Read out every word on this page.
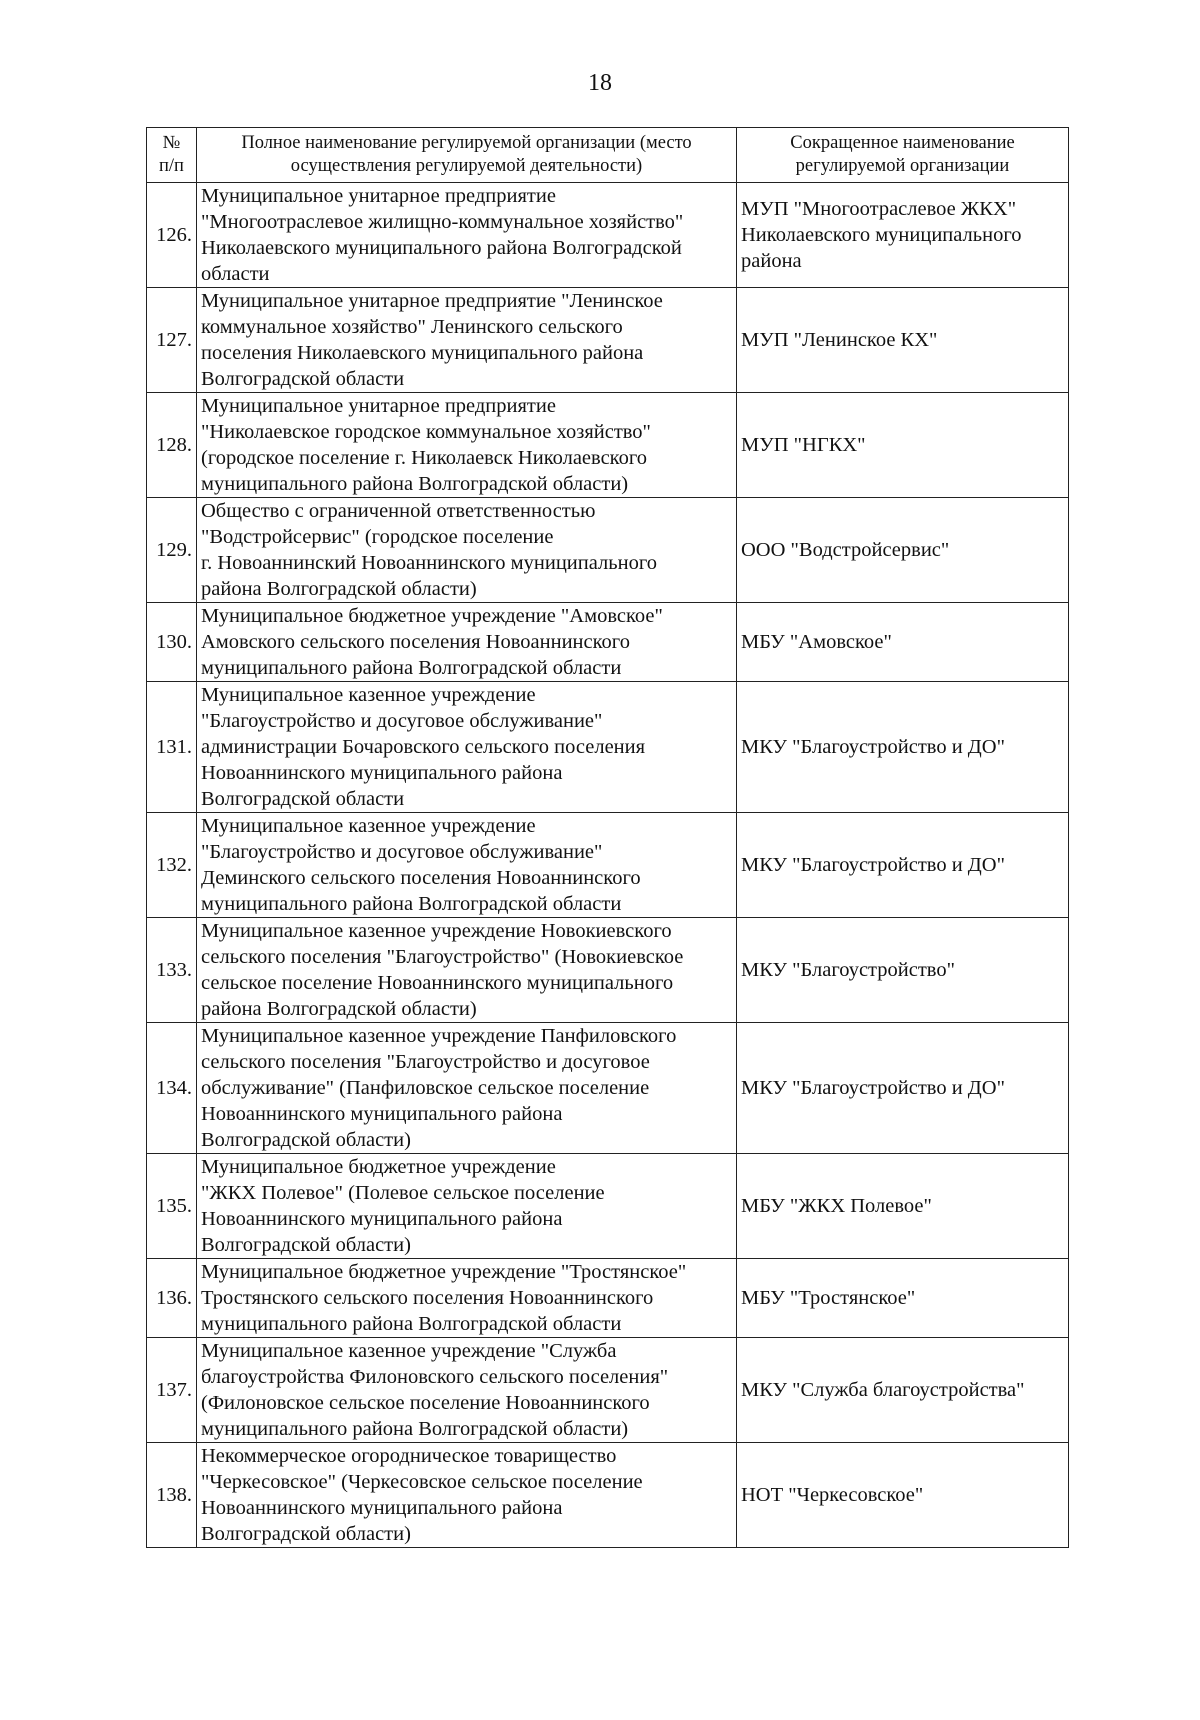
18
№
п/п	Полное наименование регулируемой организации (место
осуществления регулируемой деятельности)	Сокращенное наименование
регулируемой организации

126.	Муниципальное унитарное предприятие
"Многоотраслевое жилищно-коммунальное хозяйство"
Николаевского муниципального района Волгоградской
области	МУП "Многоотраслевое ЖКХ"
Николаевского муниципального
района

127.	Муниципальное унитарное предприятие "Ленинское
коммунальное хозяйство" Ленинского сельского
поселения Николаевского муниципального района
Волгоградской области	МУП "Ленинское КХ"

128.	Муниципальное унитарное предприятие
"Николаевское городское коммунальное хозяйство"
(городское поселение г. Николаевск Николаевского
муниципального района Волгоградской области)	МУП "НГКХ"

129.	Общество с ограниченной ответственностью
"Водстройсервис" (городское поселение
г. Новоаннинский Новоаннинского муниципального
района Волгоградской области)	ООО "Водстройсервис"

130.	Муниципальное бюджетное учреждение "Амовское"
Амовского сельского поселения Новоаннинского
муниципального района Волгоградской области	МБУ "Амовское"

131.	Муниципальное казенное учреждение
"Благоустройство и досуговое обслуживание"
администрации Бочаровского сельского поселения
Новоаннинского муниципального района
Волгоградской области	МКУ "Благоустройство и ДО"

132.	Муниципальное казенное учреждение
"Благоустройство и досуговое обслуживание"
Деминского сельского поселения Новоаннинского
муниципального района Волгоградской области	МКУ "Благоустройство и ДО"

133.	Муниципальное казенное учреждение Новокиевского
сельского поселения "Благоустройство" (Новокиевское
сельское поселение Новоаннинского муниципального
района Волгоградской области)	МКУ "Благоустройство"

134.	Муниципальное казенное учреждение Панфиловского
сельского поселения "Благоустройство и досуговое
обслуживание" (Панфиловское сельское поселение
Новоаннинского муниципального района
Волгоградской области)	МКУ "Благоустройство и ДО"

135.	Муниципальное бюджетное учреждение
"ЖКХ Полевое" (Полевое сельское поселение
Новоаннинского муниципального района
Волгоградской области)	МБУ "ЖКХ Полевое"

136.	Муниципальное бюджетное учреждение "Тростянское"
Тростянского сельского поселения Новоаннинского
муниципального района Волгоградской области	МБУ "Тростянское"

137.	Муниципальное казенное учреждение "Служба
благоустройства Филоновского сельского поселения"
(Филоновское сельское поселение Новоаннинского
муниципального района Волгоградской области)	МКУ "Служба благоустройства"

138.	Некоммерческое огородническое товарищество
"Черкесовское" (Черкесовское сельское поселение
Новоаннинского муниципального района
Волгоградской области)	НОТ "Черкесовское"
